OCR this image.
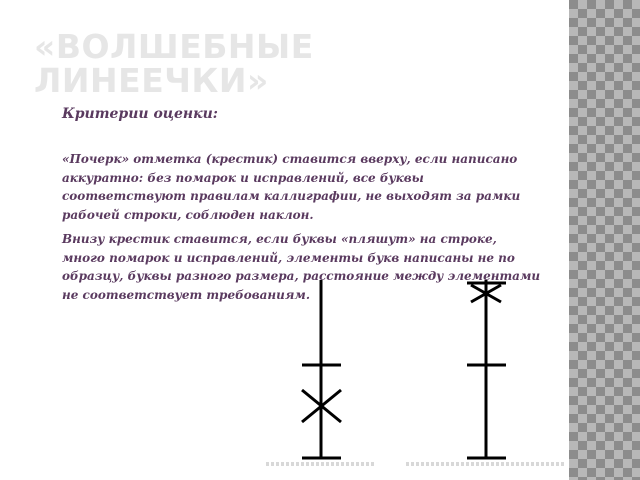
«ВОЛШЕБНЫЕ ЛИНЕЕЧКИ»
Критерии оценки:
«Почерк» отметка (крестик) ставится вверху, если написано аккуратно: без помарок и исправлений, все буквы соответствуют правилам каллиграфии, не выходят за рамки рабочей строки, соблюден наклон.
Внизу крестик ставится, если буквы «пляшут» на строке, много помарок и исправлений, элементы букв написаны не по образцу, буквы разного размера, расстояние между элементами не соответствует требованиям.
